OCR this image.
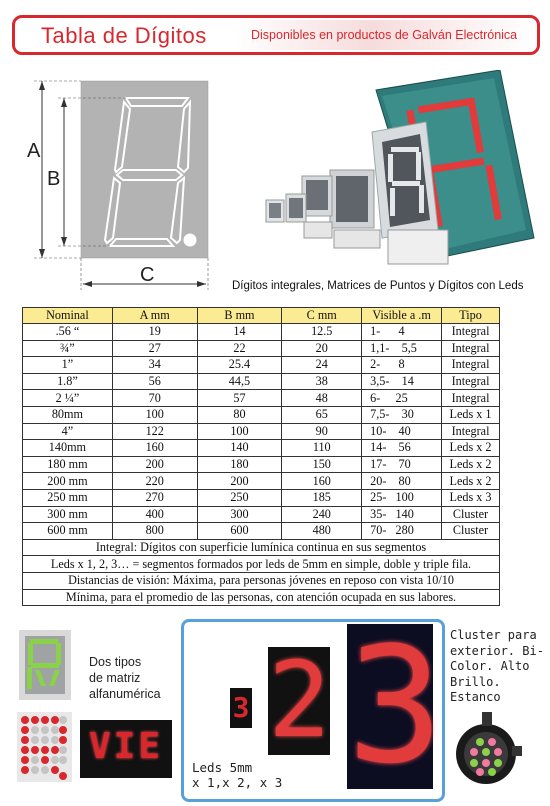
Tabla de Dígitos	Disponibles en productos de Galván Electrónica
A
B
C	Dígitos integrales, Matrices de Puntos y Dígitos con Leds
Nominal	A mm	B mm	C mm	Visible a .m	Tipo
.56 “	19	14	12.5	1-      4	Integral
¾”	27	22	20	1,1-    5,5	Integral
1”	34	25.4	24	2-      8	Integral
1.8”	56	44,5	38	3,5-    14	Integral
2 ¼”	70	57	48	6-     25	Integral
80mm	100	80	65	7,5-    30	Leds x 1
4”	122	100	90	10-    40	Integral
140mm	160	140	110	14-    56	Leds x 2
180 mm	200	180	150	17-    70	Leds x 2
200 mm	220	200	160	20-    80	Leds x 2
250 mm	270	250	185	25-   100	Leds x 3
300 mm	400	300	240	35-   140	Cluster
600 mm	800	600	480	70-   280	Cluster
Integral: Dígitos con superficie lumínica continua en sus segmentos					
Leds x 1, 2, 3… = segmentos formados por leds de 5mm en simple, doble y triple fila.					
Distancias de visión: Máxima, para personas jóvenes en reposo con vista 10/10					
Mínima, para el promedio de las personas, con atención ocupada en sus labores.					
VIE
Dos tipos
de matriz
alfanumérica	3 2 3
Leds 5mm
x 1,x 2, x 3
Cluster para
exterior. Bi-
Color. Alto
Brillo.
Estanco
